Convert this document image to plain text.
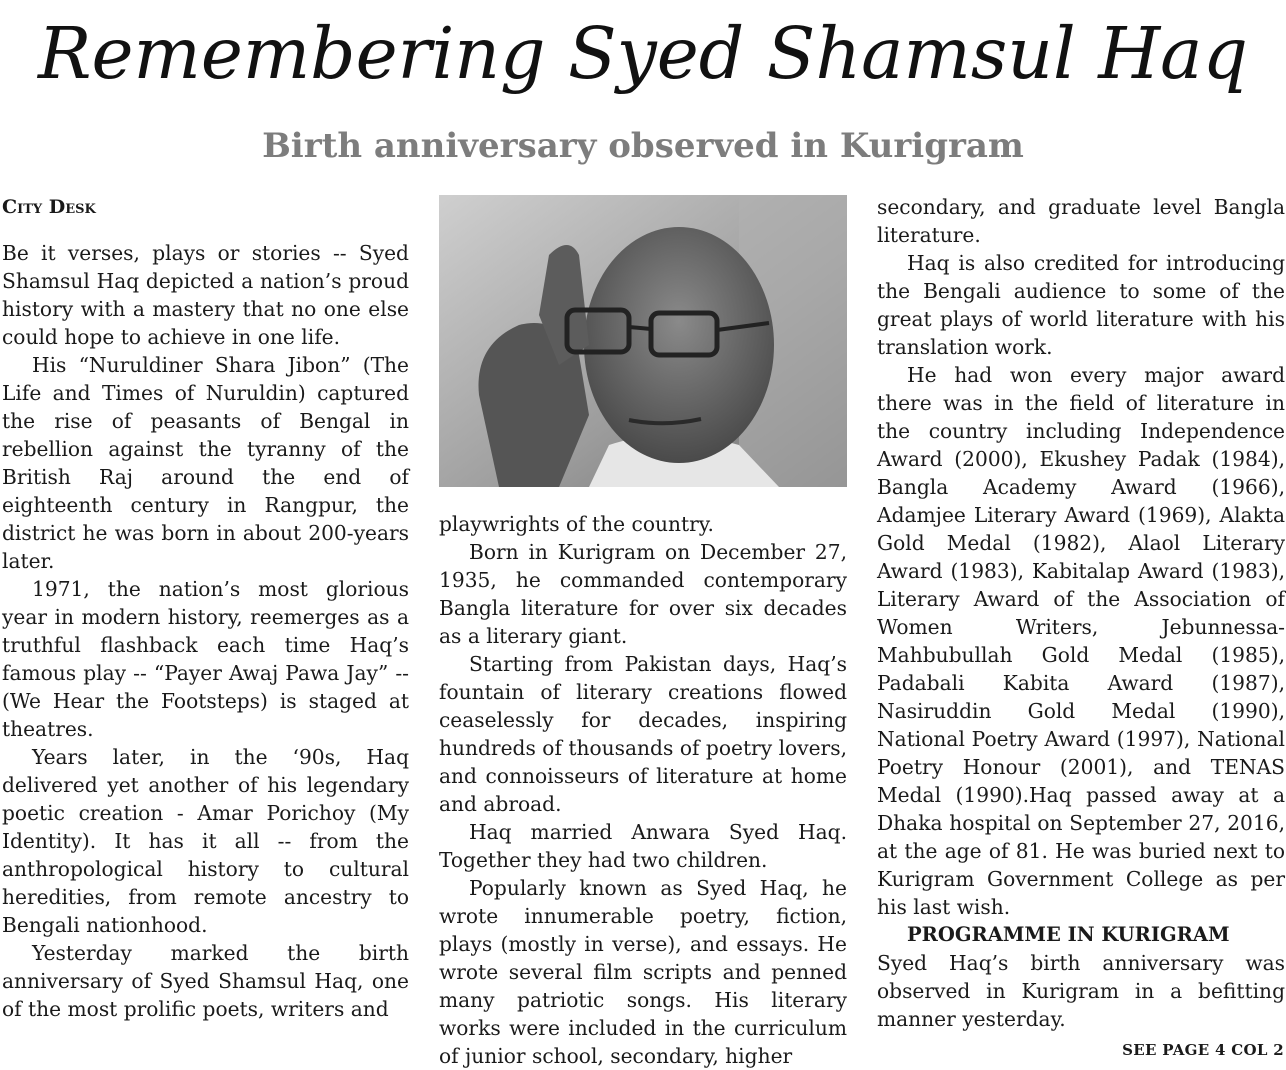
Remembering Syed Shamsul Haq
Birth anniversary observed in Kurigram
City Desk

Be it verses, plays or stories -- Syed Shamsul Haq depicted a nation’s proud history with a mastery that no one else could hope to achieve in one life.

His “Nuruldiner Shara Jibon” (The Life and Times of Nuruldin) captured the rise of peasants of Bengal in rebellion against the tyranny of the British Raj around the end of eighteenth century in Rangpur, the district he was born in about 200-years later.

1971, the nation’s most glorious year in modern history, reemerges as a truthful flashback each time Haq’s famous play -- “Payer Awaj Pawa Jay” -- (We Hear the Footsteps) is staged at theatres.

Years later, in the ‘90s, Haq delivered yet another of his legendary poetic creation - Amar Porichoy (My Identity). It has it all -- from the anthropological history to cultural heredities, from remote ancestry to Bengali nationhood.

Yesterday marked the birth anniversary of Syed Shamsul Haq, one of the most prolific poets, writers and

playwrights of the country.

Born in Kurigram on December 27, 1935, he commanded contemporary Bangla literature for over six decades as a literary giant.

Starting from Pakistan days, Haq’s fountain of literary creations flowed ceaselessly for decades, inspiring hundreds of thousands of poetry lovers, and connoisseurs of literature at home and abroad.

Haq married Anwara Syed Haq. Together they had two children.

Popularly known as Syed Haq, he wrote innumerable poetry, fiction, plays (mostly in verse), and essays. He wrote several film scripts and penned many patriotic songs. His literary works were included in the curriculum of junior school, secondary, higher

secondary, and graduate level Bangla literature.

Haq is also credited for introducing the Bengali audience to some of the great plays of world literature with his translation work.

He had won every major award there was in the field of literature in the country including Independence Award (2000), Ekushey Padak (1984), Bangla Academy Award (1966), Adamjee Literary Award (1969), Alakta Gold Medal (1982), Alaol Literary Award (1983), Kabitalap Award (1983), Literary Award of the Association of Women Writers, Jebunnessa-Mahbubullah Gold Medal (1985), Padabali Kabita Award (1987), Nasiruddin Gold Medal (1990), National Poetry Award (1997), National Poetry Honour (2001), and TENAS Medal (1990).Haq passed away at a Dhaka hospital on September 27, 2016, at the age of 81. He was buried next to Kurigram Government College as per his last wish.

PROGRAMME IN KURIGRAM

Syed Haq’s birth anniversary was observed in Kurigram in a befitting manner yesterday.

SEE PAGE 4 COL 2
